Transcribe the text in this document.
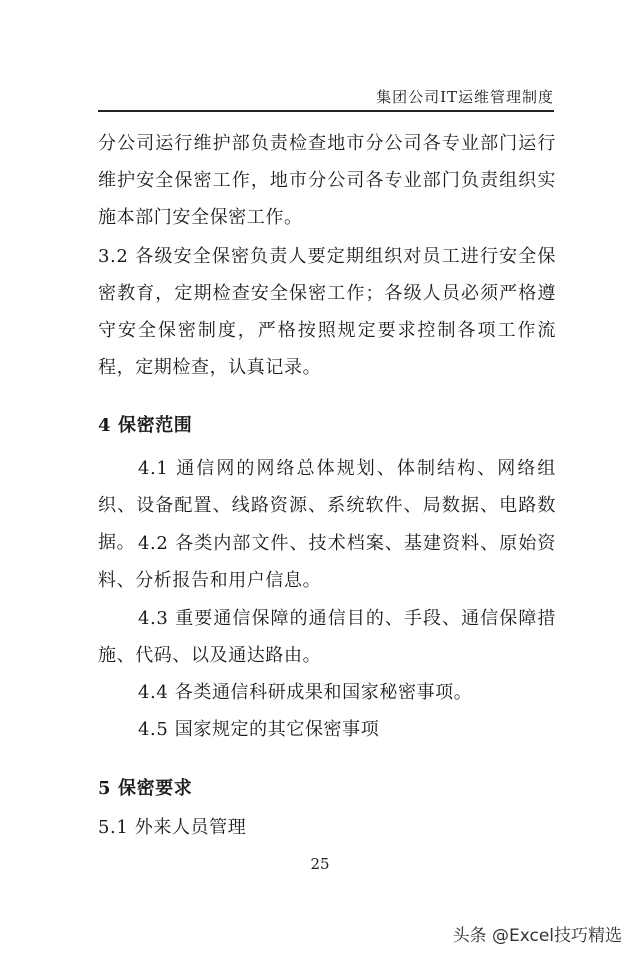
集团公司IT运维管理制度

分公司运行维护部负责检查地市分公司各专业部门运行维护安全保密工作，地市分公司各专业部门负责组织实施本部门安全保密工作。

3.2 各级安全保密负责人要定期组织对员工进行安全保密教育，定期检查安全保密工作；各级人员必须严格遵守安全保密制度，严格按照规定要求控制各项工作流程，定期检查，认真记录。

4 保密范围

4.1 通信网的网络总体规划、体制结构、网络组织、设备配置、线路资源、系统软件、局数据、电路数据。 4.2 各类内部文件、技术档案、基建资料、原始资料、分析报告和用户信息。

4.3 重要通信保障的通信目的、手段、通信保障措施、代码、以及通达路由。

4.4 各类通信科研成果和国家秘密事项。

4.5 国家规定的其它保密事项

5 保密要求

5.1 外来人员管理

25
头条 @Excel技巧精选
